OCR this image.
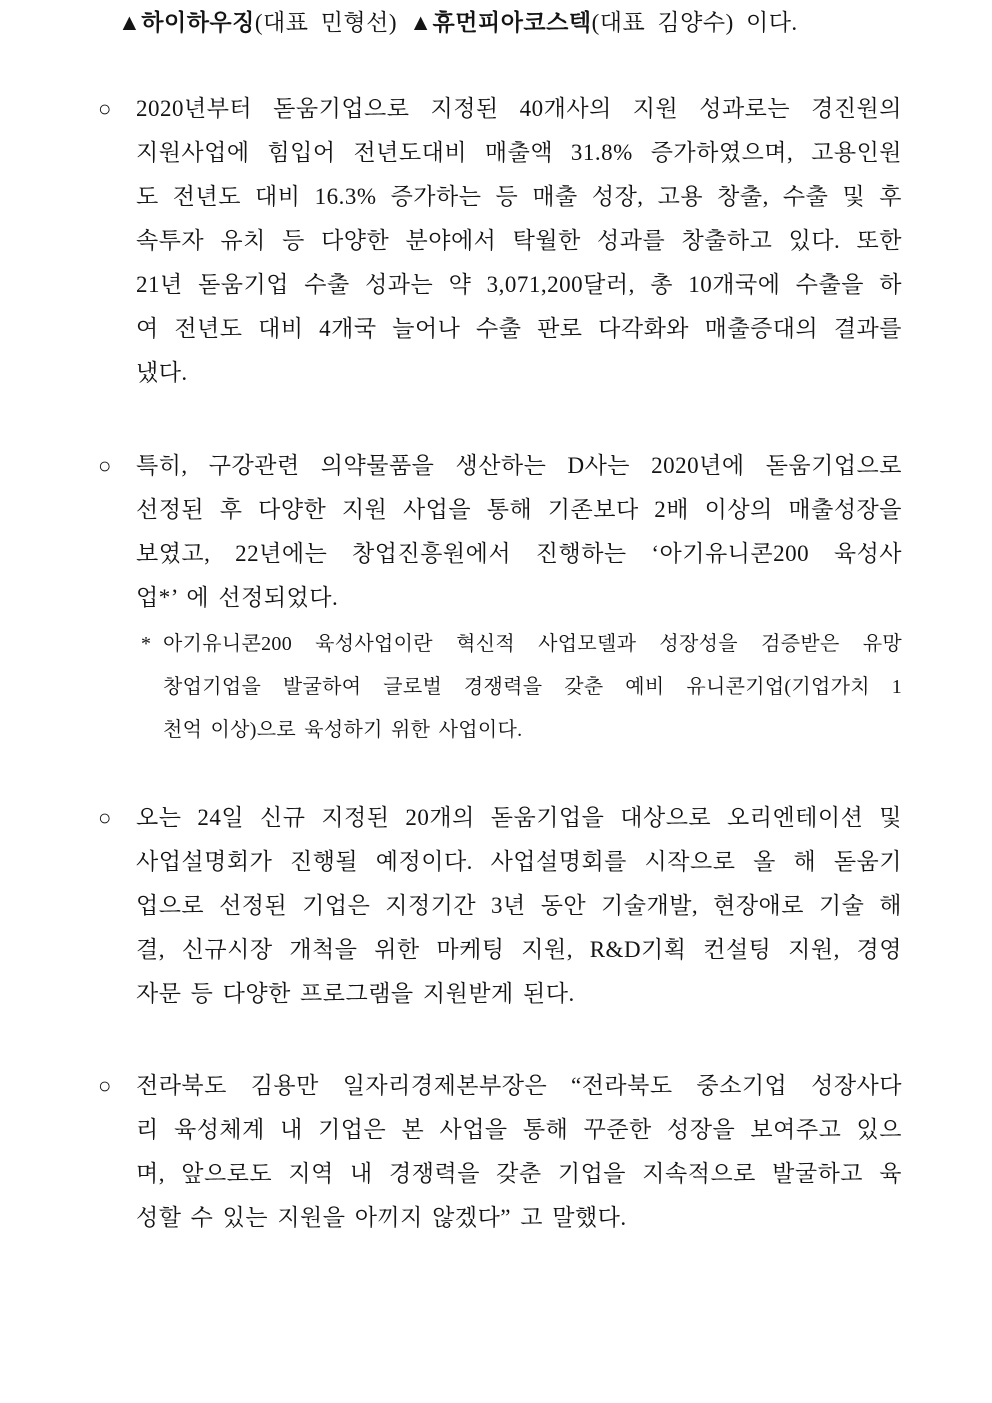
▲하이하우징(대표 민형선) ▲휴먼피아코스텍(대표 김양수) 이다.
○ 2020년부터 돋움기업으로 지정된 40개사의 지원 성과로는 경진원의
지원사업에 힘입어 전년도대비 매출액 31.8% 증가하였으며, 고용인원
도 전년도 대비 16.3% 증가하는 등 매출 성장, 고용 창출, 수출 및 후
속투자 유치 등 다양한 분야에서 탁월한 성과를 창출하고 있다. 또한
21년 돋움기업 수출 성과는 약 3,071,200달러, 총 10개국에 수출을 하
여 전년도 대비 4개국 늘어나 수출 판로 다각화와 매출증대의 결과를
냈다.
○ 특히, 구강관련 의약물품을 생산하는 D사는 2020년에 돋움기업으로
선정된 후 다양한 지원 사업을 통해 기존보다 2배 이상의 매출성장을
보였고, 22년에는 창업진흥원에서 진행하는 ‘아기유니콘200 육성사
업*’ 에 선정되었다.
* 아기유니콘200 육성사업이란 혁신적 사업모델과 성장성을 검증받은 유망
창업기업을 발굴하여 글로벌 경쟁력을 갖춘 예비 유니콘기업(기업가치 1
천억 이상)으로 육성하기 위한 사업이다.
○ 오는 24일 신규 지정된 20개의 돋움기업을 대상으로 오리엔테이션 및
사업설명회가 진행될 예정이다. 사업설명회를 시작으로 올 해 돋움기
업으로 선정된 기업은 지정기간 3년 동안 기술개발, 현장애로 기술 해
결, 신규시장 개척을 위한 마케팅 지원, R&D기획 컨설팅 지원, 경영
자문 등 다양한 프로그램을 지원받게 된다.
○ 전라북도 김용만 일자리경제본부장은 “전라북도 중소기업 성장사다
리 육성체계 내 기업은 본 사업을 통해 꾸준한 성장을 보여주고 있으
며, 앞으로도 지역 내 경쟁력을 갖춘 기업을 지속적으로 발굴하고 육
성할 수 있는 지원을 아끼지 않겠다” 고 말했다.
